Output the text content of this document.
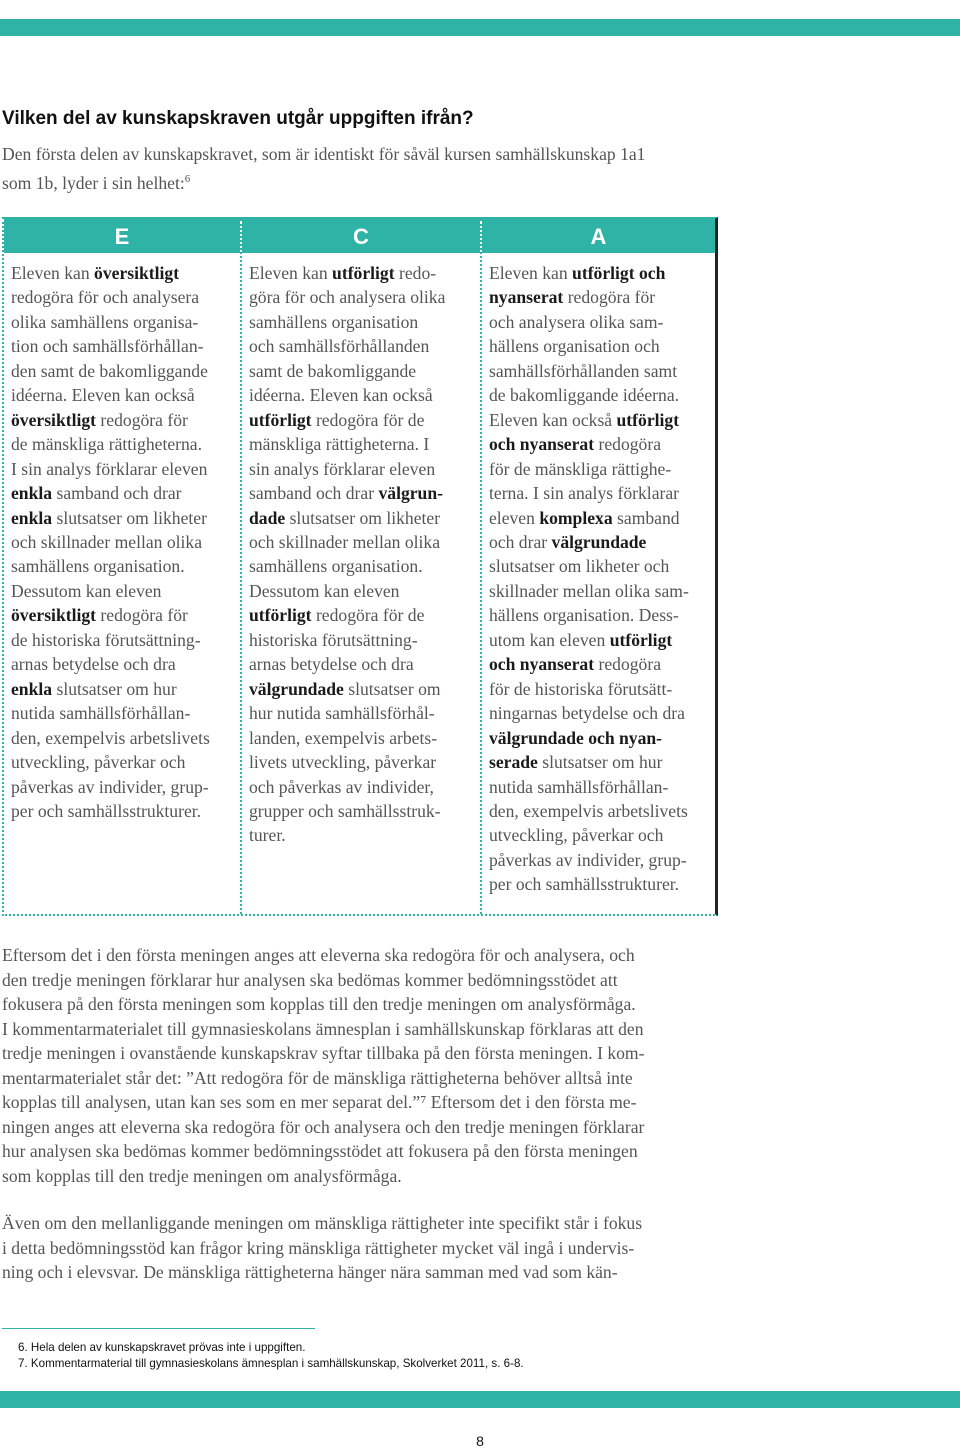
Vilken del av kunskapskraven utgår uppgiften ifrån?

Den första delen av kunskapskravet, som är identiskt för såväl kursen samhällskunskap 1a1
som 1b, lyder i sin helhet:$^6$

E
Eleven kan översiktligt
redogöra för och analysera
olika samhällens organisa-
tion och samhällsförhållan-
den samt de bakomliggande
idéerna. Eleven kan också
översiktligt redogöra för
de mänskliga rättigheterna.
I sin analys förklarar eleven
enkla samband och drar
enkla slutsatser om likheter
och skillnader mellan olika
samhällens organisation.
Dessutom kan eleven
översiktligt redogöra för
de historiska förutsättning-
arnas betydelse och dra
enkla slutsatser om hur
nutida samhällsförhållan-
den, exempelvis arbetslivets
utveckling, påverkar och
påverkas av individer, grup-
per och samhällsstrukturer.
C
Eleven kan utförligt redo-
göra för och analysera olika
samhällens organisation
och samhällsförhållanden
samt de bakomliggande
idéerna. Eleven kan också
utförligt redogöra för de
mänskliga rättigheterna. I
sin analys förklarar eleven
samband och drar välgrun-
dade slutsatser om likheter
och skillnader mellan olika
samhällens organisation.
Dessutom kan eleven
utförligt redogöra för de
historiska förutsättning-
arnas betydelse och dra
välgrundade slutsatser om
hur nutida samhällsförhål-
landen, exempelvis arbets-
livets utveckling, påverkar
och påverkas av individer,
grupper och samhällsstruk-
turer.
A
Eleven kan utförligt och
nyanserat redogöra för
och analysera olika sam-
hällens organisation och
samhällsförhållanden samt
de bakomliggande idéerna.
Eleven kan också utförligt
och nyanserat redogöra
för de mänskliga rättighe-
terna. I sin analys förklarar
eleven komplexa samband
och drar välgrundade
slutsatser om likheter och
skillnader mellan olika sam-
hällens organisation. Dess-
utom kan eleven utförligt
och nyanserat redogöra
för de historiska förutsätt-
ningarnas betydelse och dra
välgrundade och nyan-
serade slutsatser om hur
nutida samhällsförhållan-
den, exempelvis arbetslivets
utveckling, påverkar och
påverkas av individer, grup-
per och samhällsstrukturer.
Eftersom det i den första meningen anges att eleverna ska redogöra för och analysera, och
den tredje meningen förklarar hur analysen ska bedömas kommer bedömningsstödet att
fokusera på den första meningen som kopplas till den tredje meningen om analysförmåga.
I kommentarmaterialet till gymnasieskolans ämnesplan i samhällskunskap förklaras att den
tredje meningen i ovanstående kunskapskrav syftar tillbaka på den första meningen. I kom-
mentarmaterialet står det: ”Att redogöra för de mänskliga rättigheterna behöver alltså inte
kopplas till analysen, utan kan ses som en mer separat del.”⁷ Eftersom det i den första me-
ningen anges att eleverna ska redogöra för och analysera och den tredje meningen förklarar
hur analysen ska bedömas kommer bedömningsstödet att fokusera på den första meningen
som kopplas till den tredje meningen om analysförmåga.
Även om den mellanliggande meningen om mänskliga rättigheter inte specifikt står i fokus
i detta bedömningsstöd kan frågor kring mänskliga rättigheter mycket väl ingå i undervis-
ning och i elevsvar. De mänskliga rättigheterna hänger nära samman med vad som kän-
6. Hela delen av kunskapskravet prövas inte i uppgiften.
7. Kommentarmaterial till gymnasieskolans ämnesplan i samhällskunskap, Skolverket 2011, s. 6-8.
8
